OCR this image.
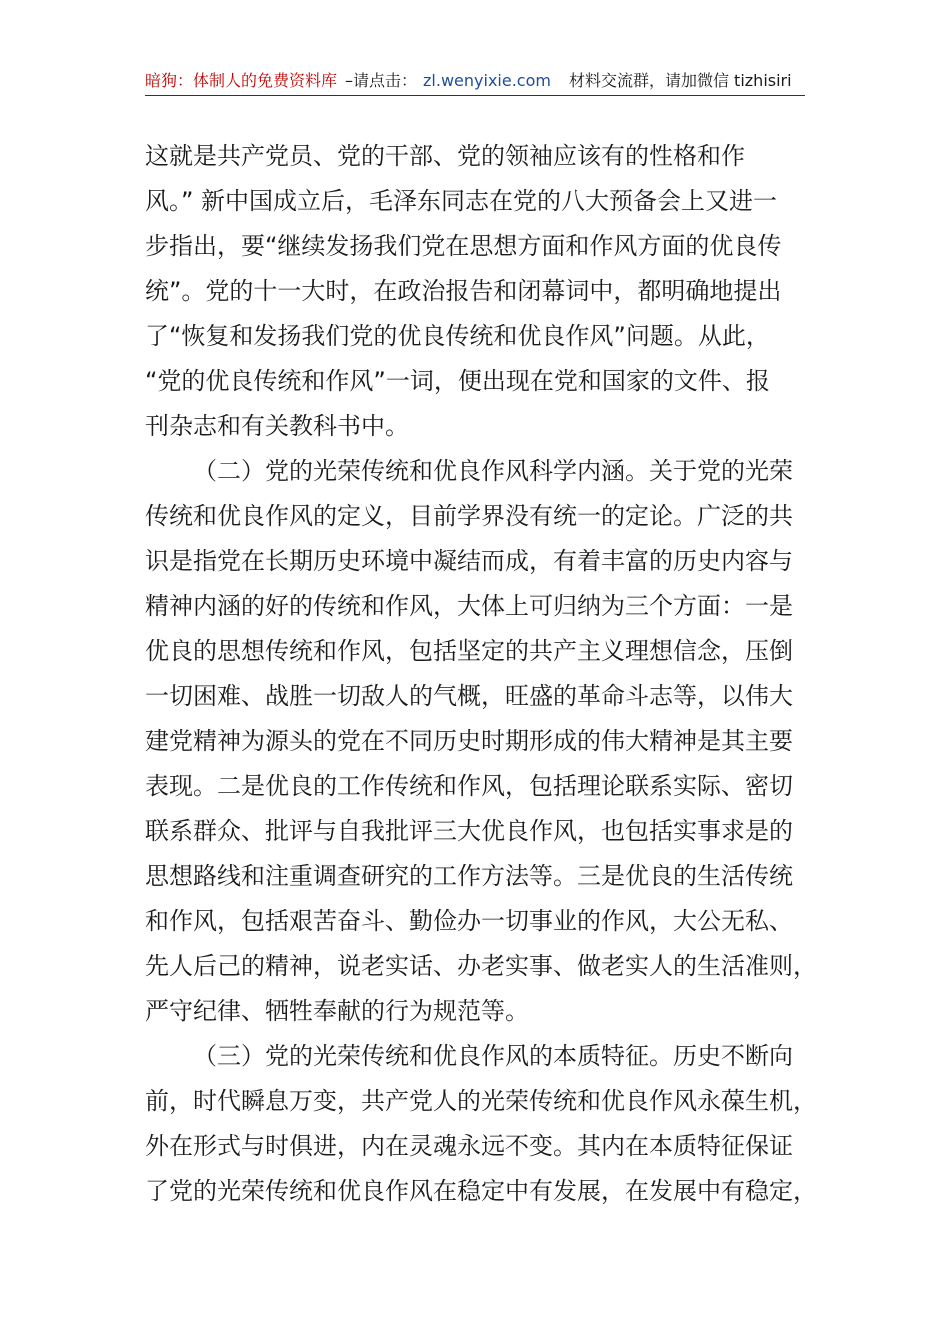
暗狗：体制人的免费资料库 –请点击： zl.wenyixie.com 材料交流群，请加微信 tizhisiri
这就是共产党员、党的干部、党的领袖应该有的性格和作
风。” 新中国成立后，毛泽东同志在党的八大预备会上又进一
步指出，要“继续发扬我们党在思想方面和作风方面的优良传
统”。党的十一大时，在政治报告和闭幕词中，都明确地提出
了“恢复和发扬我们党的优良传统和优良作风”问题。从此，
“党的优良传统和作风”一词，便出现在党和国家的文件、报
刊杂志和有关教科书中。
（二）党的光荣传统和优良作风科学内涵。关于党的光荣
传统和优良作风的定义，目前学界没有统一的定论。广泛的共
识是指党在长期历史环境中凝结而成，有着丰富的历史内容与
精神内涵的好的传统和作风，大体上可归纳为三个方面：一是
优良的思想传统和作风，包括坚定的共产主义理想信念，压倒
一切困难、战胜一切敌人的气概，旺盛的革命斗志等，以伟大
建党精神为源头的党在不同历史时期形成的伟大精神是其主要
表现。二是优良的工作传统和作风，包括理论联系实际、密切
联系群众、批评与自我批评三大优良作风，也包括实事求是的
思想路线和注重调查研究的工作方法等。三是优良的生活传统
和作风，包括艰苦奋斗、勤俭办一切事业的作风，大公无私、
先人后己的精神，说老实话、办老实事、做老实人的生活准则，
严守纪律、牺牲奉献的行为规范等。
（三）党的光荣传统和优良作风的本质特征。历史不断向
前，时代瞬息万变，共产党人的光荣传统和优良作风永葆生机，
外在形式与时俱进，内在灵魂永远不变。其内在本质特征保证
了党的光荣传统和优良作风在稳定中有发展，在发展中有稳定，
